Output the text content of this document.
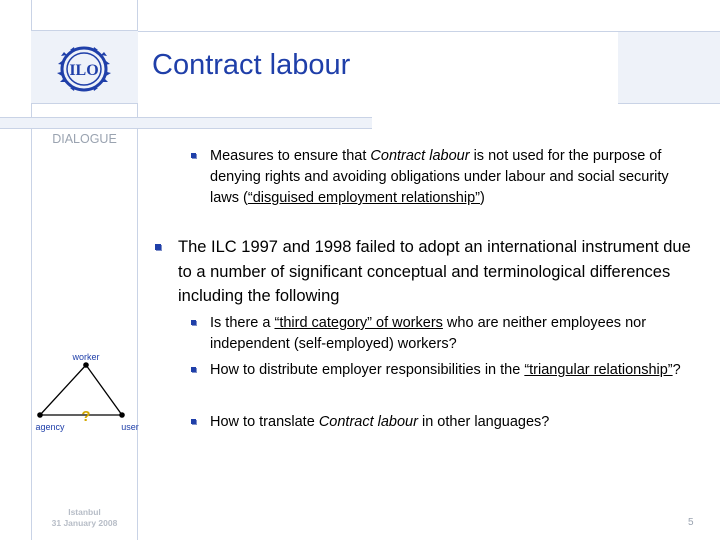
ILO Contract labour
DIALOGUE
Measures to ensure that Contract labour is not used for the purpose of denying rights and avoiding obligations under labour and social security laws (“disguised employment relationship”)
The ILC 1997 and 1998 failed to adopt an international instrument due to a number of significant conceptual and terminological differences including the following
Is there a “third category” of workers who are neither employees nor independent (self-employed) workers?
How to distribute employer responsibilities in the “triangular relationship”?
How to translate Contract labour in other languages?
worker
agency	user
?
Istanbul
31 January 2008	5
